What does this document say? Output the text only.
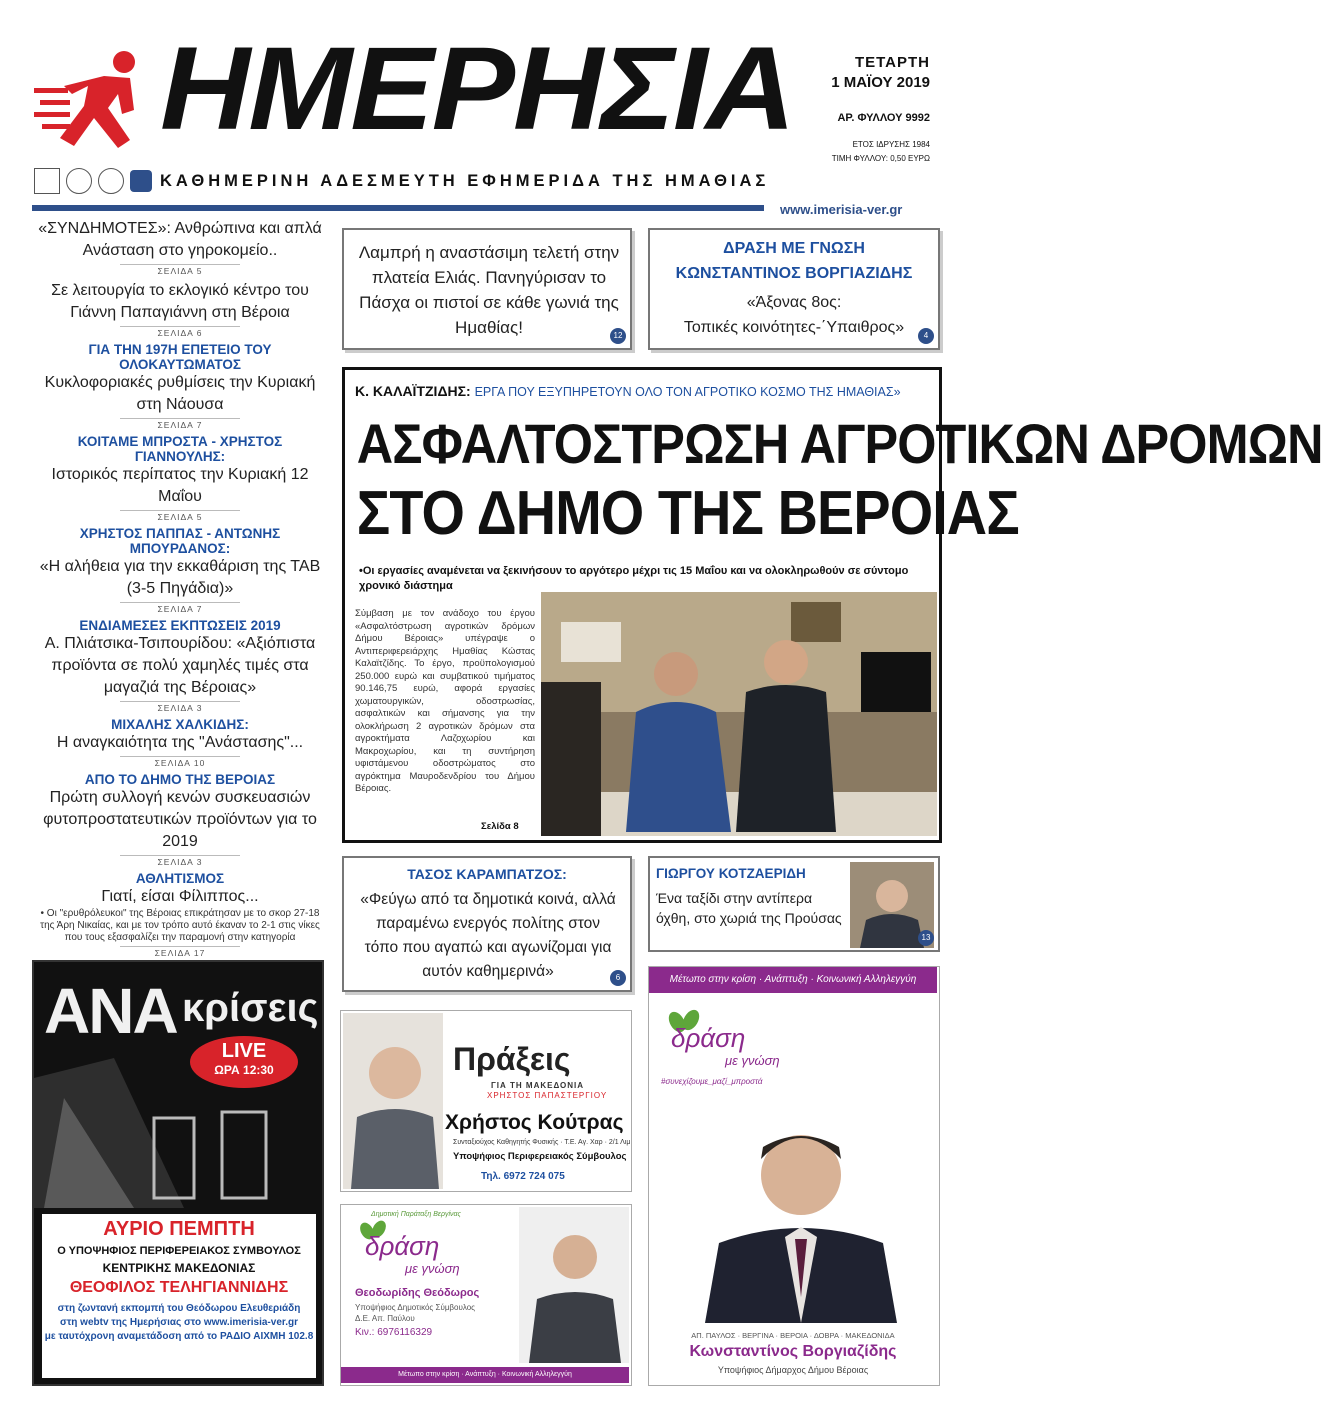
ΗΜΕΡΗΣΙΑ
ΚΑΘΗΜΕΡΙΝΗ ΑΔΕΣΜΕΥΤΗ ΕΦΗΜΕΡΙΔΑ ΤΗΣ ΗΜΑΘΙΑΣ
ΤΕΤΑΡΤΗ
1 ΜΑΪΟΥ 2019
ΑΡ. ΦΥΛΛΟΥ 9992
ΕΤΟΣ ΙΔΡΥΣΗΣ 1984
ΤΙΜΗ ΦΥΛΛΟΥ: 0,50 ΕΥΡΩ
www.imerisia-ver.gr
«ΣΥΝΔΗΜΟΤΕΣ»: Ανθρώπινα και απλά Ανάσταση στο γηροκομείο..
ΣΕΛΙΔΑ 5
Σε λειτουργία το εκλογικό κέντρο του Γιάννη Παπαγιάννη στη Βέροια
ΣΕΛΙΔΑ 6
ΓΙΑ ΤΗΝ 197Η ΕΠΕΤΕΙΟ ΤΟΥ ΟΛΟΚΑΥΤΩΜΑΤΟΣ
Κυκλοφοριακές ρυθμίσεις την Κυριακή στη Νάουσα
ΣΕΛΙΔΑ 7
ΚΟΙΤΑΜΕ ΜΠΡΟΣΤΑ - ΧΡΗΣΤΟΣ ΓΙΑΝΝΟΥΛΗΣ:
Ιστορικός περίπατος την Κυριακή 12 Μαΐου
ΣΕΛΙΔΑ 5
ΧΡΗΣΤΟΣ ΠΑΠΠΑΣ - ΑΝΤΩΝΗΣ ΜΠΟΥΡΔΑΝΟΣ:
«Η αλήθεια για την εκκαθάριση της ΤΑΒ (3-5 Πηγάδια)»
ΣΕΛΙΔΑ 7
ΕΝΔΙΑΜΕΣΕΣ ΕΚΠΤΩΣΕΙΣ 2019
Α. Πλιάτσικα-Τσιπουρίδου: «Αξιόπιστα προϊόντα σε πολύ χαμηλές τιμές στα μαγαζιά της Βέροιας»
ΣΕΛΙΔΑ 3
ΜΙΧΑΛΗΣ ΧΑΛΚΙΔΗΣ:
Η αναγκαιότητα της "Ανάστασης"...
ΣΕΛΙΔΑ 10
ΑΠΟ ΤΟ ΔΗΜΟ ΤΗΣ ΒΕΡΟΙΑΣ
Πρώτη συλλογή κενών συσκευασιών φυτοπροστατευτικών προϊόντων για το 2019
ΣΕΛΙΔΑ 3
ΑΘΛΗΤΙΣΜΟΣ
Γιατί, είσαι Φίλιππος...
• Οι "ερυθρόλευκοι" της Βέροιας επικράτησαν με το σκορ 27-18 της Άρη Νικαίας, και με τον τρόπο αυτό έκαναν το 2-1 στις νίκες που τους εξασφαλίζει την παραμονή στην κατηγορία
ΣΕΛΙΔΑ 17
Λαμπρή η αναστάσιμη τελετή στην πλατεία Ελιάς. Πανηγύρισαν το Πάσχα οι πιστοί σε κάθε γωνιά της Ημαθίας!	12
ΔΡΑΣΗ ΜΕ ΓΝΩΣΗ
ΚΩΝΣΤΑΝΤΙΝΟΣ ΒΟΡΓΙΑΖΙΔΗΣ
«Άξονας 8ος:
Τοπικές κοινότητες-΄Υπαιθρος»	4
Κ. ΚΑΛΑΪΤΖΙΔΗΣ: ΕΡΓΑ ΠΟΥ ΕΞΥΠΗΡΕΤΟΥΝ ΟΛΟ ΤΟΝ ΑΓΡΟΤΙΚΟ ΚΟΣΜΟ ΤΗΣ ΗΜΑΘΙΑΣ»
ΑΣΦΑΛΤΟΣΤΡΩΣΗ ΑΓΡΟΤΙΚΩΝ ΔΡΟΜΩΝ
ΣΤΟ ΔΗΜΟ ΤΗΣ ΒΕΡΟΙΑΣ
•Οι εργασίες αναμένεται να ξεκινήσουν το αργότερο μέχρι τις 15 Μαΐου και να ολοκληρωθούν σε σύντομο χρονικό διάστημα
Σύμβαση με τον ανάδοχο του έργου «Ασφαλτόστρωση αγροτικών δρόμων Δήμου Βέροιας» υπέγραψε ο Αντιπεριφερειάρχης Ημαθίας Κώστας Καλαϊτζίδης. Το έργο, προϋπολογισμού 250.000 ευρώ και συμβατικού τιμήματος 90.146,75 ευρώ, αφορά εργασίες χωματουργικών, οδοστρωσίας, ασφαλτικών και σήμανσης για την ολοκλήρωση 2 αγροτικών δρόμων στα αγροκτήματα Λαζοχωρίου και Μακροχωρίου, και τη συντήρηση υφιστάμενου οδοστρώματος στο αγρόκτημα Μαυροδενδρίου του Δήμου Βέροιας.
Σελίδα 8
ΤΑΣΟΣ ΚΑΡΑΜΠΑΤΖΟΣ:
«Φεύγω από τα δημοτικά κοινά, αλλά παραμένω ενεργός πολίτης στον τόπο που αγαπώ και αγωνίζομαι για αυτόν καθημερινά»	6
ΓΙΩΡΓΟΥ ΚΟΤΖΑΕΡΙΔΗ
Ένα ταξίδι στην αντίπερα όχθη, στο χωριά της Προύσας
13
ΑΝΑ κρίσεις
LIVE
ΩΡΑ 12:30
ΑΥΡΙΟ ΠΕΜΠΤΗ
Ο ΥΠΟΨΗΦΙΟΣ ΠΕΡΙΦΕΡΕΙΑΚΟΣ ΣΥΜΒΟΥΛΟΣ
ΚΕΝΤΡΙΚΗΣ ΜΑΚΕΔΟΝΙΑΣ
ΘΕΟΦΙΛΟΣ ΤΕΛΗΓΙΑΝΝΙΔΗΣ
στη ζωντανή εκπομπή του Θεόδωρου Ελευθεριάδη
στη webtv της Ημερήσιας στο www.imerisia-ver.gr
με ταυτόχρονη αναμετάδοση από το ΡΑΔΙΟ ΑΙΧΜΗ 102.8
Πράξεις
ΓΙΑ ΤΗ ΜΑΚΕΔΟΝΙΑ
ΧΡΗΣΤΟΣ ΠΑΠΑΣΤΕΡΓΙΟΥ
Χρήστος Κούτρας
Συνταξιούχος Καθηγητής Φυσικής · Τ.Ε. Αγ. Χαρ · 2/1 Λιμ
Υποψήφιος Περιφερειακός Σύμβουλος
Τηλ. 6972 724 075
Δημοτική Παράταξη Βεργίνας
δράση
με γνώση
Θεοδωρίδης Θεόδωρος
Υποψήφιος Δημοτικός Σύμβουλος
Δ.Ε. Απ. Παύλου
Κιν.: 6976116329
Μέτωπο στην κρίση · Ανάπτυξη · Κοινωνική Αλληλεγγύη
Μέτωπο στην κρίση · Ανάπτυξη · Κοινωνική Αλληλεγγύη
δράση
με γνώση
#συνεχίζουμε_μαζί_μπροστά
ΑΠ. ΠΑΥΛΟΣ · ΒΕΡΓΙΝΑ · ΒΕΡΟΙΑ · ΔΟΒΡΑ · ΜΑΚΕΔΟΝΙΔΑ
Κωνσταντίνος Βοργιαζίδης
Υποψήφιος Δήμαρχος Δήμου Βέροιας
